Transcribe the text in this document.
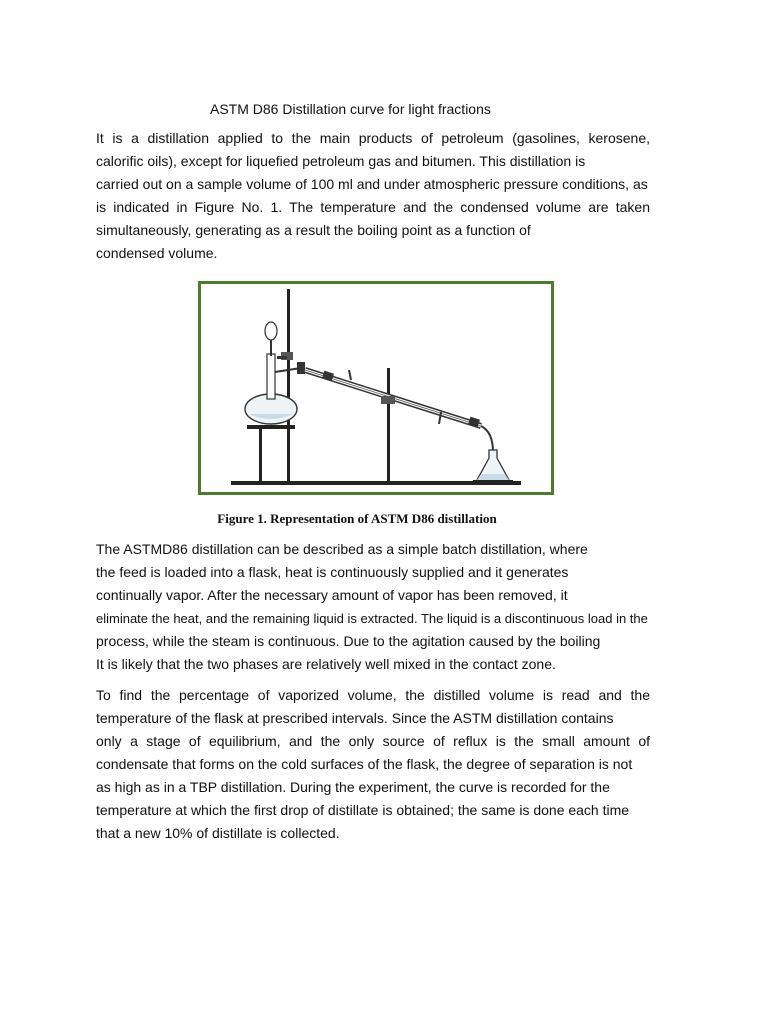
ASTM D86 Distillation curve for light fractions
It is a distillation applied to the main products of petroleum (gasolines, kerosene,
calorific oils), except for liquefied petroleum gas and bitumen. This distillation is
carried out on a sample volume of 100 ml and under atmospheric pressure conditions, as
is indicated in Figure No. 1. The temperature and the condensed volume are taken
simultaneously, generating as a result the boiling point as a function of
condensed volume.
Figure 1. Representation of ASTM D86 distillation
The ASTMD86 distillation can be described as a simple batch distillation, where
the feed is loaded into a flask, heat is continuously supplied and it generates
continually vapor. After the necessary amount of vapor has been removed, it
eliminate the heat, and the remaining liquid is extracted. The liquid is a discontinuous load in the
process, while the steam is continuous. Due to the agitation caused by the boiling
It is likely that the two phases are relatively well mixed in the contact zone.
To find the percentage of vaporized volume, the distilled volume is read and the
temperature of the flask at prescribed intervals. Since the ASTM distillation contains
only a stage of equilibrium, and the only source of reflux is the small amount of
condensate that forms on the cold surfaces of the flask, the degree of separation is not
as high as in a TBP distillation. During the experiment, the curve is recorded for the
temperature at which the first drop of distillate is obtained; the same is done each time
that a new 10% of distillate is collected.
